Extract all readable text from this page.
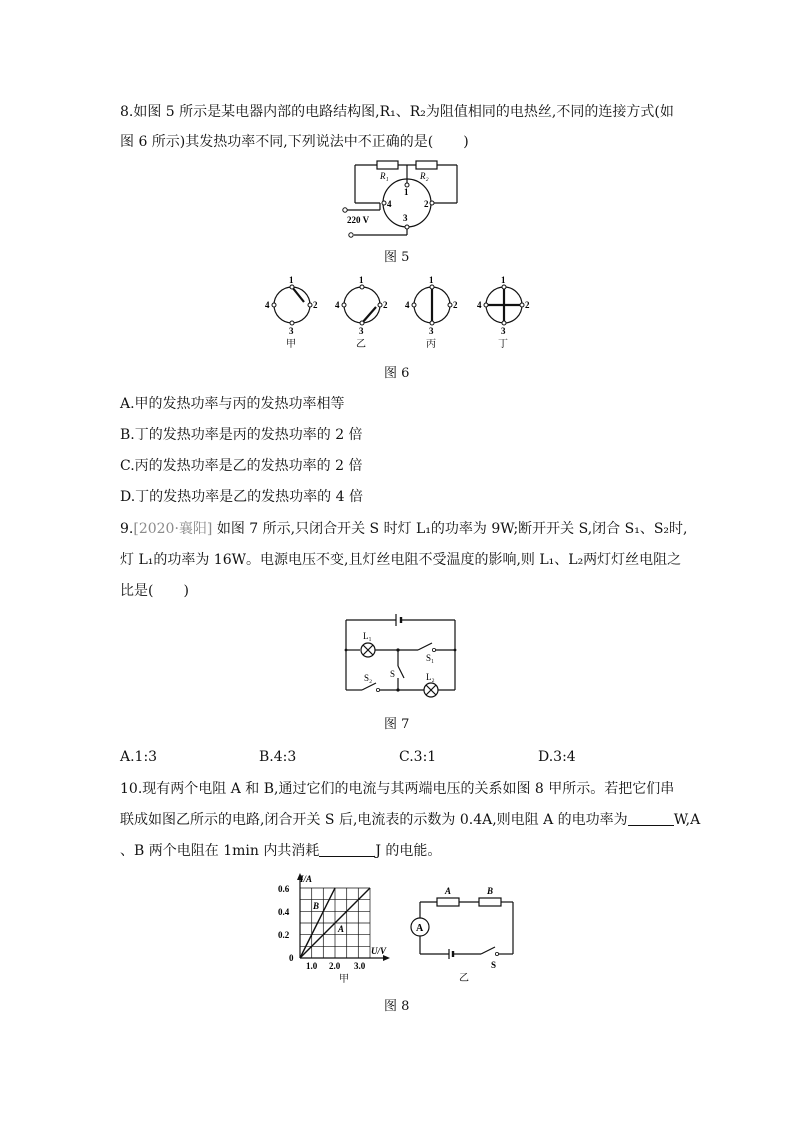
8.如图 5 所示是某电器内部的电路结构图,R₁、R₂为阻值相同的电热丝,不同的连接方式(如
图 6 所示)其发热功率不同,下列说法中不正确的是( )
R₁	R₂
1
2
3
4
220 V
图 5
1
2
3
4
甲
1
2
3
4
乙
1
2
3
4
丙
1
2
3
4
丁
图 6
A.甲的发热功率与丙的发热功率相等
B.丁的发热功率是丙的发热功率的 2 倍
C.丙的发热功率是乙的发热功率的 2 倍
D.丁的发热功率是乙的发热功率的 4 倍
9.[2020·襄阳] 如图 7 所示,只闭合开关 S 时灯 L₁的功率为 9W;断开开关 S,闭合 S₁、S₂时,
灯 L₁的功率为 16W。电源电压不变,且灯丝电阻不受温度的影响,则 L₁、L₂两灯灯丝电阻之
比是( )
L₁
L₂
S
S₁
S₂
图 7
A.1:3	B.4:3	C.3:1	D.3:4
10.现有两个电阻 A 和 B,通过它们的电流与其两端电压的关系如图 8 甲所示。若把它们串
联成如图乙所示的电路,闭合开关 S 后,电流表的示数为 0.4A,则电阻 A 的电功率为	W,A
、B 两个电阻在 1min 内共消耗	J 的电能。
I/A
U/V
0.6
0.4
0.2
0
1.0 2.0 3.0
B
A
甲
A	B
A
S
乙
图 8
